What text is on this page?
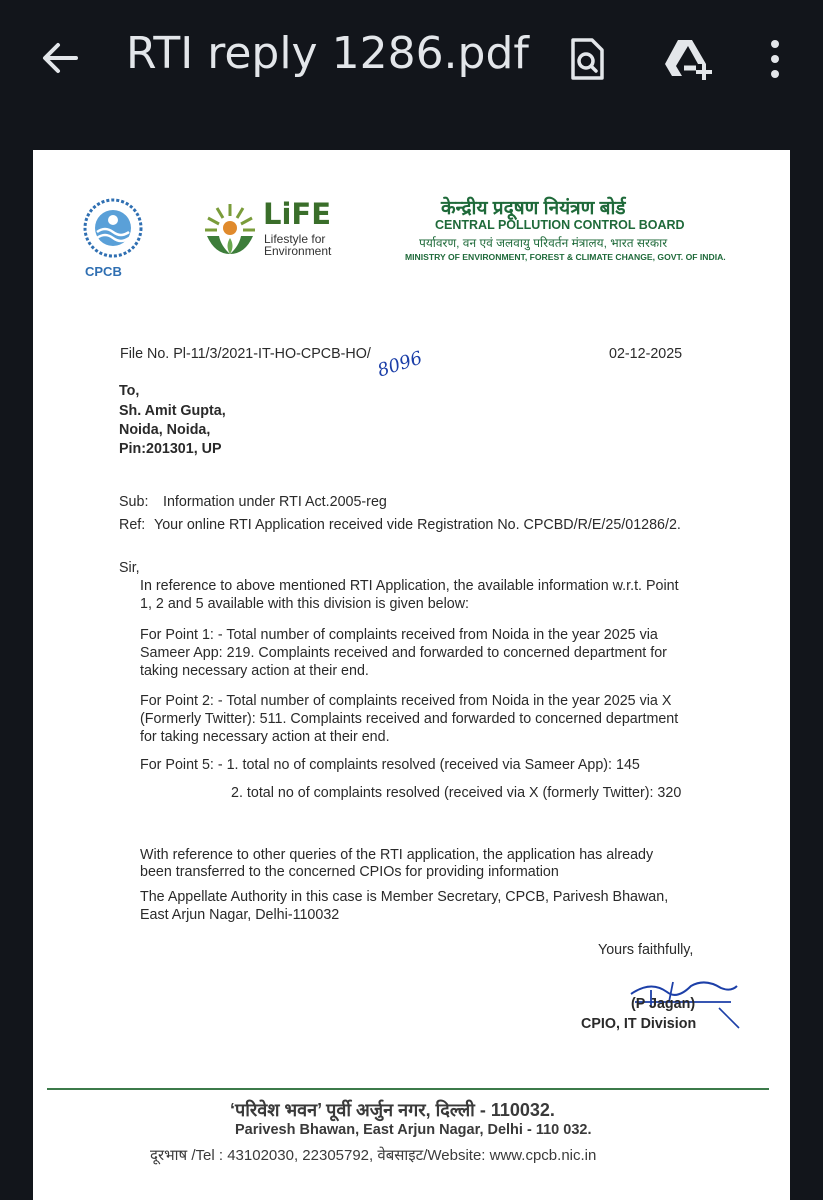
RTI reply 1286.pdf
CPCB
LiFE
Lifestyle for
Environment
केन्द्रीय प्रदूषण नियंत्रण बोर्ड
CENTRAL POLLUTION CONTROL BOARD
पर्यावरण, वन एवं जलवायु परिवर्तन मंत्रालय, भारत सरकार
MINISTRY OF ENVIRONMENT, FOREST & CLIMATE CHANGE, GOVT. OF INDIA.
File No. Pl-11/3/2021-IT-HO-CPCB-HO/ 8096	02-12-2025
To,
Sh. Amit Gupta,
Noida, Noida,
Pin:201301, UP
Sub: Information under RTI Act.2005-reg
Ref: Your online RTI Application received vide Registration No. CPCBD/R/E/25/01286/2.
Sir,
In reference to above mentioned RTI Application, the available information w.r.t. Point
1, 2 and 5 available with this division is given below:
For Point 1: - Total number of complaints received from Noida in the year 2025 via
Sameer App: 219. Complaints received and forwarded to concerned department for
taking necessary action at their end.
For Point 2: - Total number of complaints received from Noida in the year 2025 via X
(Formerly Twitter): 511. Complaints received and forwarded to concerned department
for taking necessary action at their end.
For Point 5: - 1. total no of complaints resolved (received via Sameer App): 145
2. total no of complaints resolved (received via X (formerly Twitter): 320
With reference to other queries of the RTI application, the application has already
been transferred to the concerned CPIOs for providing information
The Appellate Authority in this case is Member Secretary, CPCB, Parivesh Bhawan,
East Arjun Nagar, Delhi-110032
Yours faithfully,
(P Jagan)
CPIO, IT Division
‘परिवेश भवन’ पूर्वी अर्जुन नगर, दिल्ली - 110032.
Parivesh Bhawan, East Arjun Nagar, Delhi - 110 032.
दूरभाष /Tel : 43102030, 22305792, वेबसाइट/Website: www.cpcb.nic.in
